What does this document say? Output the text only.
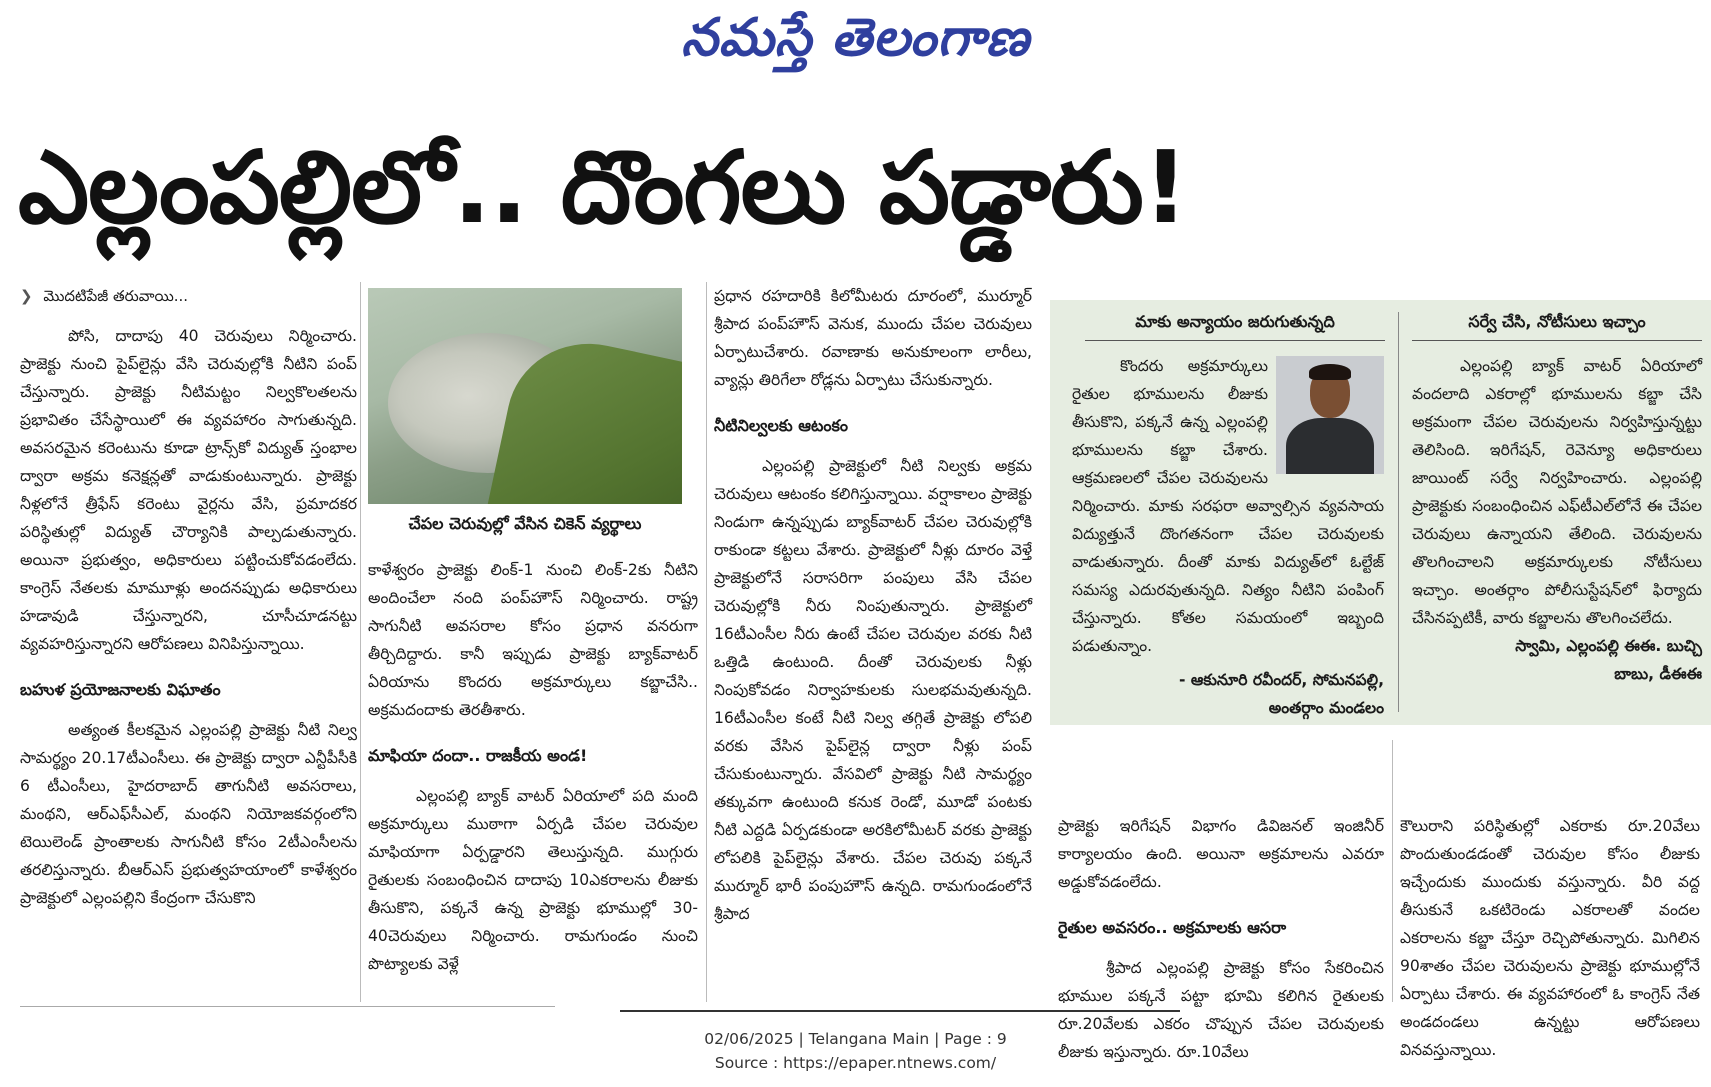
నమస్తే తెలంగాణ
ఎల్లంపల్లిలో.. దొంగలు పడ్డారు!
❯ మొదటిపేజీ తరువాయి...

పోసి, దాదాపు 40 చెరువులు నిర్మించారు. ప్రాజెక్టు నుంచి పైప్‌లైన్లు వేసి చెరువుల్లోకి నీటిని పంప్‌ చేస్తున్నారు. ప్రాజెక్టు నీటిమట్టం నిల్వకొలతలను ప్రభావితం చేసేస్థాయిలో ఈ వ్యవహారం సాగుతున్నది. అవసరమైన కరెంటును కూడా ట్రాన్స్‌కో విద్యుత్‌ స్తంభాల ద్వారా అక్రమ కనెక్షన్లతో వాడుకుంటున్నారు. ప్రాజెక్టు నీళ్లలోనే త్రీఫేస్‌ కరెంటు వైర్లను వేసి, ప్రమాదకర పరిస్థితుల్లో విద్యుత్‌ చౌర్యానికి పాల్పడుతున్నారు. అయినా ప్రభుత్వం, అధికారులు పట్టించుకోవడంలేదు. కాంగ్రెస్‌ నేతలకు మామూళ్లు అందనప్పుడు అధికారులు హడావుడి చేస్తున్నారని, చూసీచూడనట్టు వ్యవహరిస్తున్నారని ఆరోపణలు వినిపిస్తున్నాయి.

బహుళ ప్రయోజనాలకు విఘాతం

అత్యంత కీలకమైన ఎల్లంపల్లి ప్రాజెక్టు నీటి నిల్వ సామర్థ్యం 20.17టీఎంసీలు. ఈ ప్రాజెక్టు ద్వారా ఎన్టీపీసీకి 6 టీఎంసీలు, హైదరాబాద్‌ తాగునీటి అవసరాలు, మంథని, ఆర్‌ఎఫ్‌సీఎల్‌, మంథని నియోజకవర్గంలోని టెయిలెండ్‌ ప్రాంతాలకు సాగునీటి కోసం 2టీఎంసీలను తరలిస్తున్నారు. బీఆర్‌ఎస్‌ ప్రభుత్వహయాంలో కాళేశ్వరం ప్రాజెక్టులో ఎల్లంపల్లిని కేంద్రంగా చేసుకొని

చేపల చెరువుల్లో వేసిన చికెన్‌ వ్యర్థాలు

కాళేశ్వరం ప్రాజెక్టు లింక్‌-1 నుంచి లింక్‌-2కు నీటిని అందించేలా నంది పంప్‌హౌస్‌ నిర్మించారు. రాష్ట్ర సాగునీటి అవసరాల కోసం ప్రధాన వనరుగా తీర్చిదిద్దారు. కానీ ఇప్పుడు ప్రాజెక్టు బ్యాక్‌వాటర్‌ ఏరియాను కొందరు అక్రమార్కులు కబ్జాచేసి.. అక్రమదందాకు తెరతీశారు.

మాఫియా దందా.. రాజకీయ అండ!

ఎల్లంపల్లి బ్యాక్‌ వాటర్‌ ఏరియాలో పది మంది అక్రమార్కులు ముఠాగా ఏర్పడి చేపల చెరువుల మాఫియాగా ఏర్పడ్డారని తెలుస్తున్నది. ముగ్గురు రైతులకు సంబంధించిన దాదాపు 10ఎకరాలను లీజుకు తీసుకొని, పక్కనే ఉన్న ప్రాజెక్టు భూముల్లో 30-40చెరువులు నిర్మించారు. రామగుండం నుంచి పొట్యాలకు వెళ్లే

ప్రధాన రహదారికి కిలోమీటరు దూరంలో, ముర్మూర్‌ శ్రీపాద పంప్‌హౌస్‌ వెనుక, ముందు చేపల చెరువులు ఏర్పాటుచేశారు. రవాణాకు అనుకూలంగా లారీలు, వ్యాన్లు తిరిగేలా రోడ్లను ఏర్పాటు చేసుకున్నారు.

నీటినిల్వలకు ఆటంకం

ఎల్లంపల్లి ప్రాజెక్టులో నీటి నిల్వకు అక్రమ చెరువులు ఆటంకం కలిగిస్తున్నాయి. వర్షాకాలం ప్రాజెక్టు నిండుగా ఉన్నప్పుడు బ్యాక్‌వాటర్‌ చేపల చెరువుల్లోకి రాకుండా కట్టలు వేశారు. ప్రాజెక్టులో నీళ్లు దూరం వెళ్తే ప్రాజెక్టులోనే సరాసరిగా పంపులు వేసి చేపల చెరువుల్లోకి నీరు నింపుతున్నారు. ప్రాజెక్టులో 16టీఎంసీల నీరు ఉంటే చేపల చెరువుల వరకు నీటి ఒత్తిడి ఉంటుంది. దీంతో చెరువులకు నీళ్లు నింపుకోవడం నిర్వాహకులకు సులభమవుతున్నది. 16టీఎంసీల కంటే నీటి నిల్వ తగ్గితే ప్రాజెక్టు లోపలి వరకు వేసిన పైప్‌లైన్ల ద్వారా నీళ్లు పంప్‌ చేసుకుంటున్నారు. వేసవిలో ప్రాజెక్టు నీటి సామర్థ్యం తక్కువగా ఉంటుంది కనుక రెండో, మూడో పంటకు నీటి ఎద్దడి ఏర్పడకుండా అరకిలోమీటర్‌ వరకు ప్రాజెక్టు లోపలికి పైప్‌లైన్లు వేశారు. చేపల చెరువు పక్కనే ముర్మూర్‌ భారీ పంపుహౌస్‌ ఉన్నది. రామగుండంలోనే శ్రీపాద

మాకు అన్యాయం జరుగుతున్నది

కొందరు అక్రమార్కులు రైతుల భూములను లీజుకు తీసుకొని, పక్కనే ఉన్న ఎల్లంపల్లి భూములను కబ్జా చేశారు. ఆక్రమణలలో చేపల చెరువులను నిర్మించారు. మాకు సరఫరా అవ్వాల్సిన వ్యవసాయ విద్యుత్తునే దొంగతనంగా చేపల చెరువులకు వాడుతున్నారు. దీంతో మాకు విద్యుత్‌లో ఓల్టేజ్‌ సమస్య ఎదురవుతున్నది. నిత్యం నీటిని పంపింగ్‌ చేస్తున్నారు. కోతల సమయంలో ఇబ్బంది పడుతున్నాం.

- ఆకునూరి రవీందర్‌, సోమనపల్లి,

అంతర్గాం మండలం

సర్వే చేసి, నోటీసులు ఇచ్చాం

ఎల్లంపల్లి బ్యాక్‌ వాటర్‌ ఏరియాలో వందలాది ఎకరాల్లో భూములను కబ్జా చేసి అక్రమంగా చేపల చెరువులను నిర్వహిస్తున్నట్టు తెలిసింది. ఇరిగేషన్‌, రెవెన్యూ అధికారులు జాయింట్‌ సర్వే నిర్వహించారు. ఎల్లంపల్లి ప్రాజెక్టుకు సంబంధించిన ఎఫ్‌టీఎల్‌లోనే ఈ చేపల చెరువులు ఉన్నాయని తేలింది. చెరువులను తొలగించాలని అక్రమార్కులకు నోటీసులు ఇచ్చాం. అంతర్గాం పోలీసుస్టేషన్‌లో ఫిర్యాదు చేసినప్పటికీ, వారు కబ్జాలను తొలగించలేదు.

స్వామి, ఎల్లంపల్లి ఈఈ. బుచ్చి

బాబు, డీఈఈ

ప్రాజెక్టు ఇరిగేషన్‌ విభాగం డివిజనల్‌ ఇంజినీర్‌ కార్యాలయం ఉంది. అయినా అక్రమాలను ఎవరూ అడ్డుకోవడంలేదు.

రైతుల అవసరం.. అక్రమాలకు ఆసరా

శ్రీపాద ఎల్లంపల్లి ప్రాజెక్టు కోసం సేకరించిన భూముల పక్కనే పట్టా భూమి కలిగిన రైతులకు రూ.20వేలకు ఎకరం చొప్పున చేపల చెరువులకు లీజుకు ఇస్తున్నారు. రూ.10వేలు

కౌలురాని పరిస్థితుల్లో ఎకరాకు రూ.20వేలు పొందుతుండడంతో చెరువుల కోసం లీజుకు ఇచ్చేందుకు ముందుకు వస్తున్నారు. వీరి వద్ద తీసుకునే ఒకటిరెండు ఎకరాలతో వందల ఎకరాలను కబ్జా చేస్తూ రెచ్చిపోతున్నారు. మిగిలిన 90శాతం చేపల చెరువులను ప్రాజెక్టు భూముల్లోనే ఏర్పాటు చేశారు. ఈ వ్యవహారంలో ఓ కాంగ్రెస్‌ నేత అండదండలు ఉన్నట్టు ఆరోపణలు వినవస్తున్నాయి.

02/06/2025 | Telangana Main | Page : 9
Source : https://epaper.ntnews.com/
